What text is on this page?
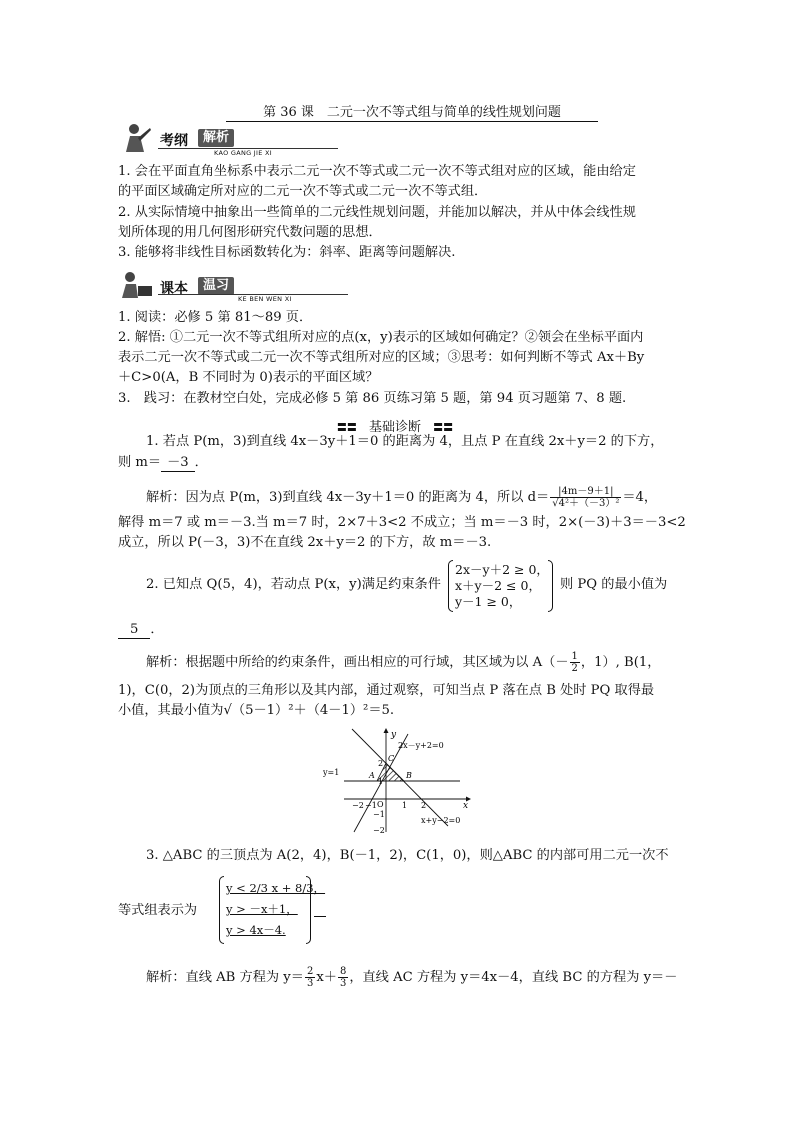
第 36 课　二元一次不等式组与简单的线性规划问题
考纲	解析
KAO GANG JIE XI
1. 会在平面直角坐标系中表示二元一次不等式或二元一次不等式组对应的区域，能由给定
的平面区域确定所对应的二元一次不等式或二元一次不等式组．
2. 从实际情境中抽象出一些简单的二元线性规划问题，并能加以解决，并从中体会线性规
划所体现的用几何图形研究代数问题的思想．
3. 能够将非线性目标函数转化为：斜率、距离等问题解决.
课本	温习
KE BEN WEN XI
1. 阅读：必修 5 第 81～89 页．
2. 解悟: ①二元一次不等式组所对应的点(x，y)表示的区域如何确定？②领会在坐标平面内
表示二元一次不等式或二元一次不等式组所对应的区域；③思考：如何判断不等式 Ax＋By
＋C>0(A，B 不同时为 0)表示的平面区域？
3.　践习：在教材空白处，完成必修 5 第 86 页练习第 5 题，第 94 页习题第 7、8 题.
〓〓 基础诊断 〓〓
1. 若点 P(m，3)到直线 4x－3y＋1＝0 的距离为 4，且点 P 在直线 2x＋y＝2 的下方，
则 m＝ －3 ．
解析：因为点 P(m，3)到直线 4x－3y＋1＝0 的距离为 4，所以 $d= \frac{|4m-9+1|}{\text{√4²＋（－3）²}} =4$，
解得 m＝7 或 m＝－3.当 m＝7 时，2×7＋3<2 不成立；当 m＝－3 时，2×(－3)＋3＝－3<2
成立，所以 P(－3，3)不在直线 2x＋y＝2 的下方，故 m＝－3.
2. 已知点 Q(5，4)，若动点 P(x，y)满足约束条件
2x－y＋2 ≥ 0，
x＋y－2 ≤ 0，
y－1 ≥ 0，
则 PQ 的最小值为
5 ．
解析：根据题中所给的约束条件，画出相应的可行域，其区域为以 $A(- \frac{1}{2}$ ，1）, B(1，
1)，C(0，2)为顶点的三角形以及其内部，通过观察，可知当点 P 落在点 B 处时 PQ 取得最
小值，其最小值为√（5－1）²＋（4－1）²＝5.
y
x
2x－y+2=0
y=1
x+y−2=0
A	B
C
O
−2 −1	1 2
2
1
−1
−2
3. △ABC 的三顶点为 A(2，4)，B(－1，2)，C(1，0)，则△ABC 的内部可用二元一次不
等式组表示为
y < 2/3 x + 8/3，
y > －x＋1，
y > 4x－4.
解析：直线 AB 方程为 $y= \frac{2}{3} x+ \frac{8}{3}$ ，直线 AC 方程为 y＝4x－4，直线 BC 的方程为 y＝－
